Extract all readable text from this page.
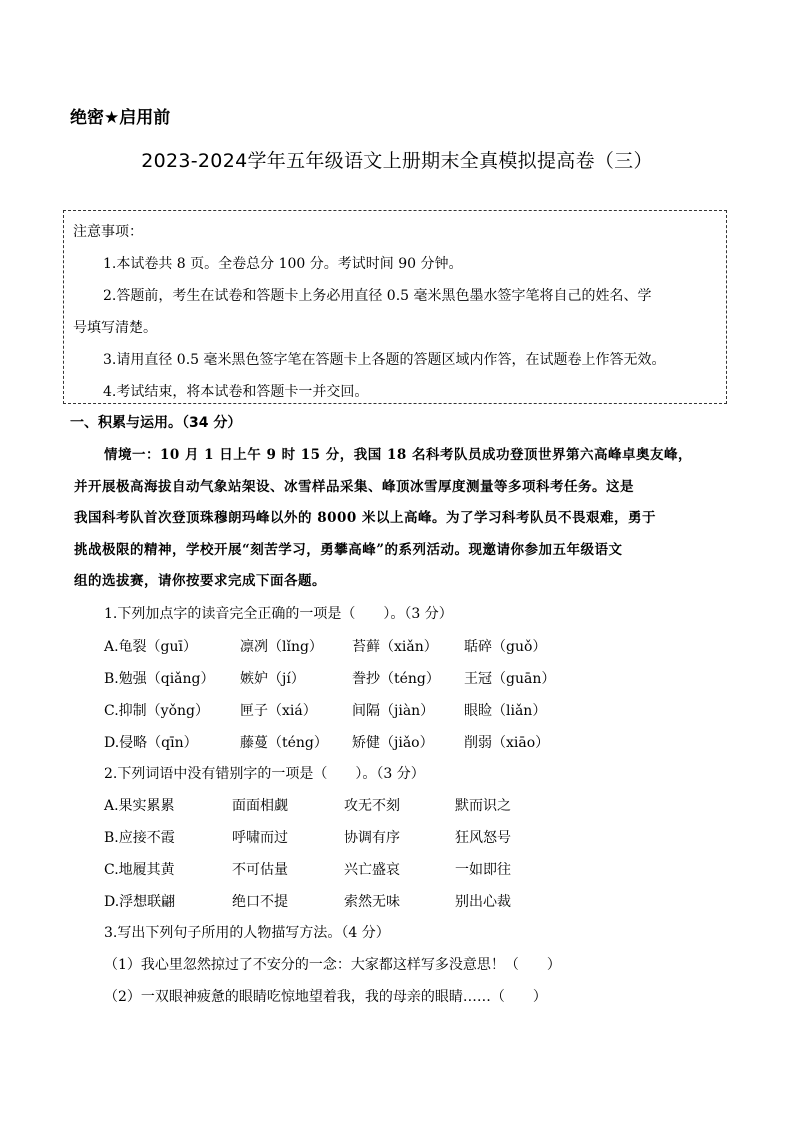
绝密★启用前
2023-2024学年五年级语文上册期末全真模拟提高卷（三）
注意事项：
1.本试卷共 8 页。全卷总分 100 分。考试时间 90 分钟。
2.答题前，考生在试卷和答题卡上务必用直径 0.5 毫米黑色墨水签字笔将自己的姓名、学
号填写清楚。
3.请用直径 0.5 毫米黑色签字笔在答题卡上各题的答题区域内作答，在试题卷上作答无效。
4.考试结束，将本试卷和答题卡一并交回。
一、积累与运用。（34 分）

情境一：10 月 1 日上午 9 时 15 分，我国 18 名科考队员成功登顶世界第六高峰卓奥友峰，

并开展极高海拔自动气象站架设、冰雪样品采集、峰顶冰雪厚度测量等多项科考任务。这是

我国科考队首次登顶珠穆朗玛峰以外的 8000 米以上高峰。为了学习科考队员不畏艰难，勇于

挑战极限的精神，学校开展“刻苦学习，勇攀高峰”的系列活动。现邀请你参加五年级语文

组的选拔赛，请你按要求完成下面各题。

1.下列加点字的读音完全正确的一项是（　　）。（3 分）
A.龟裂（guī）	凛冽（lǐng） 苔藓（xiǎn） 聒碎（guǒ）
B.勉强（qiǎng） 嫉妒（jí）	誊抄（téng） 王冠（guān）
C.抑制（yǒng） 匣子（xiá）	间隔（jiàn） 眼睑（liǎn）
D.侵略（qīn）	藤蔓（téng） 矫健（jiǎo） 削弱（xiāo）
2.下列词语中没有错别字的一项是（　　）。（3 分）
A.果实累累	面面相觑	攻无不刻	默而识之
B.应接不霞	呼啸而过	协调有序	狂风怒号
C.地履其黄	不可估量	兴亡盛哀	一如即往
D.浮想联翩	绝口不提	索然无味	别出心裁
3.写出下列句子所用的人物描写方法。（4 分）
（1）我心里忽然掠过了不安分的一念：大家都这样写多没意思！（　　）
（2）一双眼神疲惫的眼睛吃惊地望着我，我的母亲的眼睛……（　　）
